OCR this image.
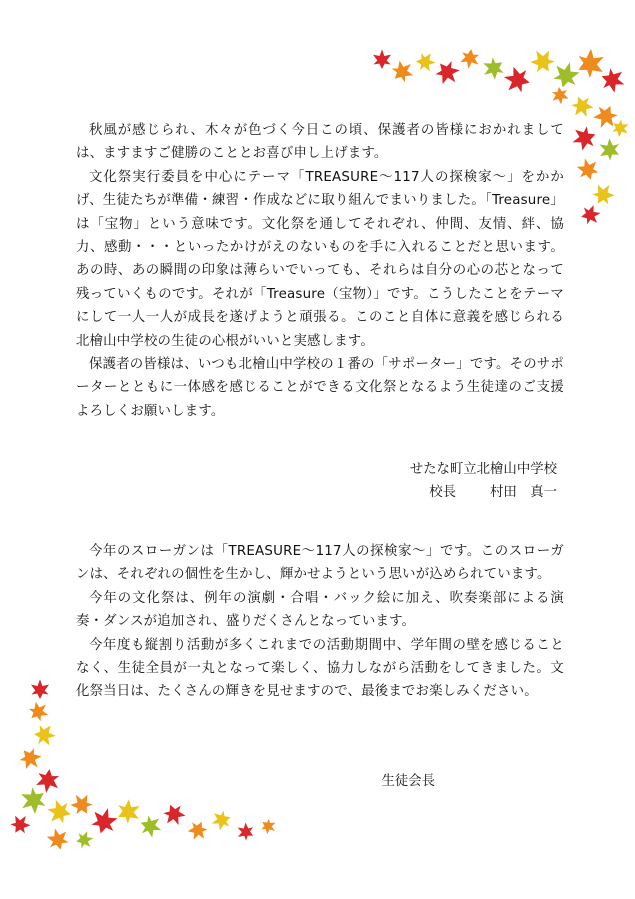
秋風が感じられ、木々が色づく今日この頃、保護者の皆様におかれましては、ますますご健勝のこととお喜び申し上げます。

文化祭実行委員を中心にテーマ「TREASURE～117人の探検家～」をかかげ、生徒たちが準備・練習・作成などに取り組んでまいりました。「Treasure」は「宝物」という意味です。文化祭を通してそれぞれ、仲間、友情、絆、協力、感動・・・といったかけがえのないものを手に入れることだと思います。あの時、あの瞬間の印象は薄らいでいっても、それらは自分の心の芯となって残っていくものです。それが「Treasure（宝物）」です。こうしたことをテーマにして一人一人が成長を遂げようと頑張る。このこと自体に意義を感じられる北檜山中学校の生徒の心根がいいと実感します。

保護者の皆様は、いつも北檜山中学校の１番の「サポーター」です。そのサポーターとともに一体感を感じることができる文化祭となるよう生徒達のご支援よろしくお願いします。

せたな町立北檜山中学校
校長	村田　真一

今年のスローガンは「TREASURE～117人の探検家～」です。このスローガンは、それぞれの個性を生かし、輝かせようという思いが込められています。

今年の文化祭は、例年の演劇・合唱・バック絵に加え、吹奏楽部による演奏・ダンスが追加され、盛りだくさんとなっています。

今年度も縦割り活動が多くこれまでの活動期間中、学年間の壁を感じることなく、生徒全員が一丸となって楽しく、協力しながら活動をしてきました。文化祭当日は、たくさんの輝きを見せますので、最後までお楽しみください。

生徒会長
